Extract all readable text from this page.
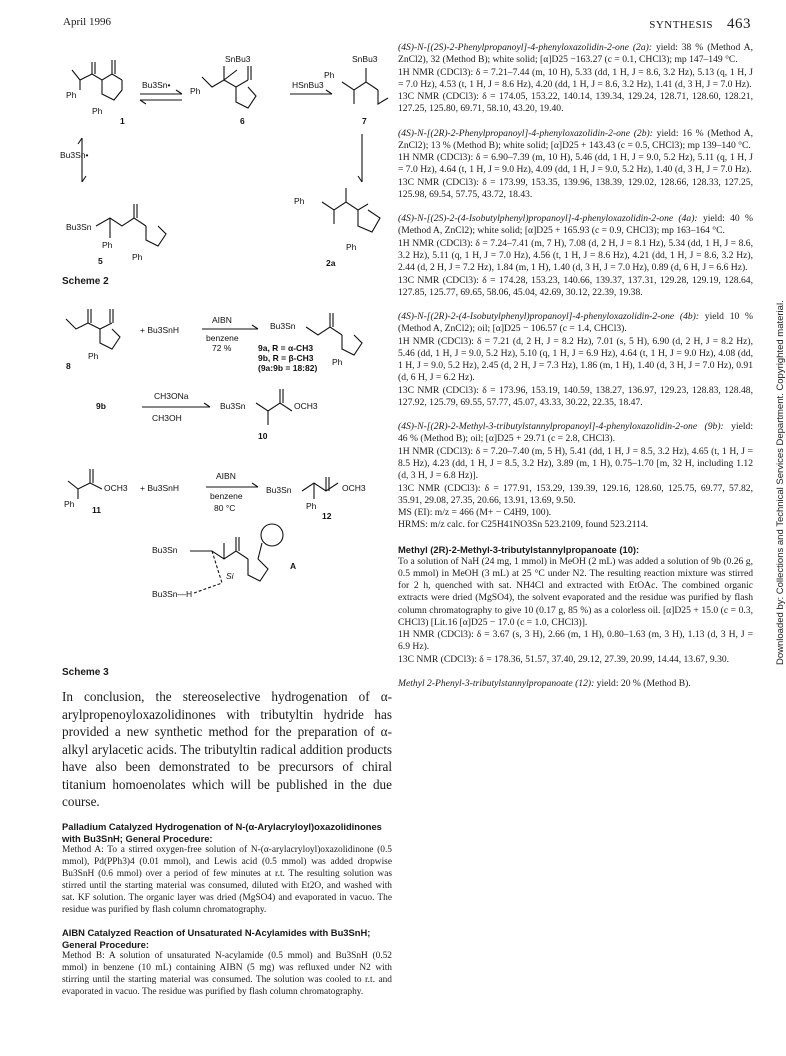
April 1996	SYNTHESIS 463
Ph
Ph
1
Bu3Sn•
SnBu3
Ph
6
HSnBu3
SnBu3
Ph
7
Bu3Sn•
Bu3Sn
Ph
Ph
5
Ph
Ph
2a
Scheme 2
Ph
8
+ Bu3SnH
AIBN
benzene
72 %	9a, R = α-CH3
9b, R = β-CH3
(9a:9b = 18:82)
Bu3Sn
Ph
9b
CH3ONa
CH3OH
Bu3Sn	OCH3
10
OCH3
Ph
11
+ Bu3SnH
AIBN
benzene
80 °C
Bu3Sn	OCH3
Ph
12
Bu3Sn
Bu3Sn—H
Si
A
Scheme 3

In conclusion, the stereoselective hydrogenation of α-arylpropenoyloxazolidinones with tributyltin hydride has provided a new synthetic method for the preparation of α-alkyl arylacetic acids. The tributyltin radical addition products have also been demonstrated to be precursors of chiral titanium homoenolates which will be published in the due course.

Palladium Catalyzed Hydrogenation of N-(α-Arylacryloyl)oxazolidinones with Bu3SnH; General Procedure:

Method A: To a stirred oxygen-free solution of N-(α-arylacryloyl)oxazolidinone (0.5 mmol), Pd(PPh3)4 (0.01 mmol), and Lewis acid (0.5 mmol) was added dropwise Bu3SnH (0.6 mmol) over a period of few minutes at r.t. The resulting solution was stirred until the starting material was consumed, diluted with Et2O, and washed with sat. KF solution. The organic layer was dried (MgSO4) and evaporated in vacuo. The residue was purified by flash column chromatography.

AIBN Catalyzed Reaction of Unsaturated N-Acylamides with Bu3SnH; General Procedure:

Method B: A solution of unsaturated N-acylamide (0.5 mmol) and Bu3SnH (0.52 mmol) in benzene (10 mL) containing AIBN (5 mg) was refluxed under N2 with stirring until the starting material was consumed. The solution was cooled to r.t. and evaporated in vacuo. The residue was purified by flash column chromatography.

(4S)-N-[(2S)-2-Phenylpropanoyl]-4-phenyloxazolidin-2-one (2a): yield: 38 % (Method A, ZnCl2), 32 (Method B); white solid; [α]D25 −163.27 (c = 0.1, CHCl3); mp 147–149 °C.
1H NMR (CDCl3): δ = 7.21–7.44 (m, 10 H), 5.33 (dd, 1 H, J = 8.6, 3.2 Hz), 5.13 (q, 1 H, J = 7.0 Hz), 4.53 (t, 1 H, J = 8.6 Hz), 4.20 (dd, 1 H, J = 8.6, 3.2 Hz), 1.41 (d, 3 H, J = 7.0 Hz).
13C NMR (CDCl3): δ = 174.05, 153.22, 140.14, 139.34, 129.24, 128.71, 128.60, 128.21, 127.25, 125.80, 69.71, 58.10, 43.20, 19.40.
(4S)-N-[(2R)-2-Phenylpropanoyl]-4-phenyloxazolidin-2-one (2b): yield: 16 % (Method A, ZnCl2); 13 % (Method B); white solid; [α]D25 + 143.43 (c = 0.5, CHCl3); mp 139–140 °C.
1H NMR (CDCl3): δ = 6.90–7.39 (m, 10 H), 5.46 (dd, 1 H, J = 9.0, 5.2 Hz), 5.11 (q, 1 H, J = 7.0 Hz), 4.64 (t, 1 H, J = 9.0 Hz), 4.09 (dd, 1 H, J = 9.0, 5.2 Hz), 1.40 (d, 3 H, J = 7.0 Hz).
13C NMR (CDCl3): δ = 173.99, 153.35, 139.96, 138.39, 129.02, 128.66, 128.33, 127.25, 125.98, 69.54, 57.75, 43.72, 18.43.
(4S)-N-[(2S)-2-(4-Isobutylphenyl)propanoyl]-4-phenyloxazolidin-2-one (4a): yield: 40 % (Method A, ZnCl2); white solid; [α]D25 + 165.93 (c = 0.9, CHCl3); mp 163–164 °C.
1H NMR (CDCl3): δ = 7.24–7.41 (m, 7 H), 7.08 (d, 2 H, J = 8.1 Hz), 5.34 (dd, 1 H, J = 8.6, 3.2 Hz), 5.11 (q, 1 H, J = 7.0 Hz), 4.56 (t, 1 H, J = 8.6 Hz), 4.21 (dd, 1 H, J = 8.6, 3.2 Hz), 2.44 (d, 2 H, J = 7.2 Hz), 1.84 (m, 1 H), 1.40 (d, 3 H, J = 7.0 Hz), 0.89 (d, 6 H, J = 6.6 Hz).
13C NMR (CDCl3): δ = 174.28, 153.23, 140.66, 139.37, 137.31, 129.28, 129.19, 128.64, 127.85, 125.77, 69.65, 58.06, 45.04, 42.69, 30.12, 22.39, 19.38.
(4S)-N-[(2R)-2-(4-Isobutylphenyl)propanoyl]-4-phenyloxazolidin-2-one (4b): yield 10 % (Method A, ZnCl2); oil; [α]D25 − 106.57 (c = 1.4, CHCl3).
1H NMR (CDCl3): δ = 7.21 (d, 2 H, J = 8.2 Hz), 7.01 (s, 5 H), 6.90 (d, 2 H, J = 8.2 Hz), 5.46 (dd, 1 H, J = 9.0, 5.2 Hz), 5.10 (q, 1 H, J = 6.9 Hz), 4.64 (t, 1 H, J = 9.0 Hz), 4.08 (dd, 1 H, J = 9.0, 5.2 Hz), 2.45 (d, 2 H, J = 7.3 Hz), 1.86 (m, 1 H), 1.40 (d, 3 H, J = 7.0 Hz), 0.91 (d, 6 H, J = 6.2 Hz).
13C NMR (CDCl3): δ = 173.96, 153.19, 140.59, 138.27, 136.97, 129.23, 128.83, 128.48, 127.92, 125.79, 69.55, 57.77, 45.07, 43.33, 30.22, 22.35, 18.47.
(4S)-N-[(2R)-2-Methyl-3-tributylstannylpropanoyl]-4-phenyloxazolidin-2-one (9b): yield: 46 % (Method B); oil; [α]D25 + 29.71 (c = 2.8, CHCl3).
1H NMR (CDCl3): δ = 7.20–7.40 (m, 5 H), 5.41 (dd, 1 H, J = 8.5, 3.2 Hz), 4.65 (t, 1 H, J = 8.5 Hz), 4.23 (dd, 1 H, J = 8.5, 3.2 Hz), 3.89 (m, 1 H), 0.75–1.70 [m, 32 H, including 1.12 (d, 3 H, J = 6.8 Hz)].
13C NMR (CDCl3): δ = 177.91, 153.29, 139.39, 129.16, 128.60, 125.75, 69.77, 57.82, 35.91, 29.08, 27.35, 20.66, 13.91, 13.69, 9.50.
MS (EI): m/z = 466 (M+ − C4H9, 100).
HRMS: m/z calc. for C25H41NO3Sn 523.2109, found 523.2114.
Methyl (2R)-2-Methyl-3-tributylstannylpropanoate (10):
To a solution of NaH (24 mg, 1 mmol) in MeOH (2 mL) was added a solution of 9b (0.26 g, 0.5 mmol) in MeOH (3 mL) at 25 °C under N2. The resulting reaction mixture was stirred for 2 h, quenched with sat. NH4Cl and extracted with EtOAc. The combined organic extracts were dried (MgSO4), the solvent evaporated and the residue was purified by flash column chromatography to give 10 (0.17 g, 85 %) as a colorless oil. [α]D25 + 15.0 (c = 0.3, CHCl3) [Lit.16 [α]D25 − 17.0 (c = 1.0, CHCl3)].
1H NMR (CDCl3): δ = 3.67 (s, 3 H), 2.66 (m, 1 H), 0.80–1.63 (m, 3 H), 1.13 (d, 3 H, J = 6.9 Hz).
13C NMR (CDCl3): δ = 178.36, 51.57, 37.40, 29.12, 27.39, 20.99, 14.44, 13.67, 9.30.
Methyl 2-Phenyl-3-tributylstannylpropanoate (12): yield: 20 % (Method B).
Downloaded by: Collections and Technical Services Department. Copyrighted material.
